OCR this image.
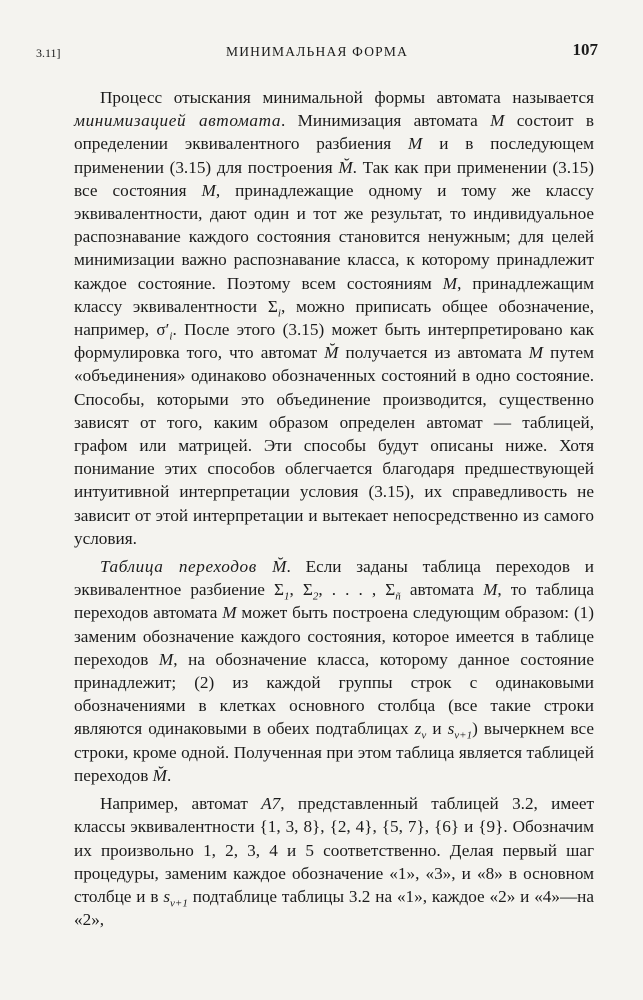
3.11]	МИНИМАЛЬНАЯ ФОРМА	107

Процесс отыскания минимальной формы автомата называется минимизацией автомата. Минимизация автомата M состоит в определении эквивалентного разбиения M и в последующем применении (3.15) для построения M̆. Так как при применении (3.15) все состояния M, принадлежащие одному и тому же классу эквивалентности, дают один и тот же результат, то индивидуальное распознавание каждого состояния становится ненужным; для целей минимизации важно распознавание класса, к которому принадлежит каждое состояние. Поэтому всем состояниям M, принадлежащим классу эквивалентности $\Sigma_i$, можно приписать общее обозначение, например, $\sigma'_i$. После этого (3.15) может быть интерпретировано как формулировка того, что автомат M̆ получается из автомата M путем «объединения» одинаково обозначенных состояний в одно состояние. Способы, которыми это объединение производится, существенно зависят от того, каким образом определен автомат — таблицей, графом или матрицей. Эти способы будут описаны ниже. Хотя понимание этих способов облегчается благодаря предшествующей интуитивной интерпретации условия (3.15), их справедливость не зависит от этой интерпретации и вытекает непосредственно из самого условия.

Таблица переходов M̆. Если заданы таблица переходов и эквивалентное разбиение $\Sigma_1$, $\Sigma_2$, . . . , $\Sigma_ñ$ автомата M, то таблица переходов автомата M может быть построена следующим образом: (1) заменим обозначение каждого состояния, которое имеется в таблице переходов M, на обозначение класса, которому данное состояние принадлежит; (2) из каждой группы строк с одинаковыми обозначениями в клетках основного столбца (все такие строки являются одинаковыми в обеих подтаблицах $z_\nu$ и $s_{\nu+1}$) вычеркнем все строки, кроме одной. Полученная при этом таблица является таблицей переходов M̆.

Например, автомат A7, представленный таблицей 3.2, имеет классы эквивалентности {1, 3, 8}, {2, 4}, {5, 7}, {6} и {9}. Обозначим их произвольно 1, 2, 3, 4 и 5 соответственно. Делая первый шаг процедуры, заменим каждое обозначение «1», «3», и «8» в основном столбце и в $s_{\nu+1}$ подтаблице таблицы 3.2 на «1», каждое «2» и «4»—на «2»,
